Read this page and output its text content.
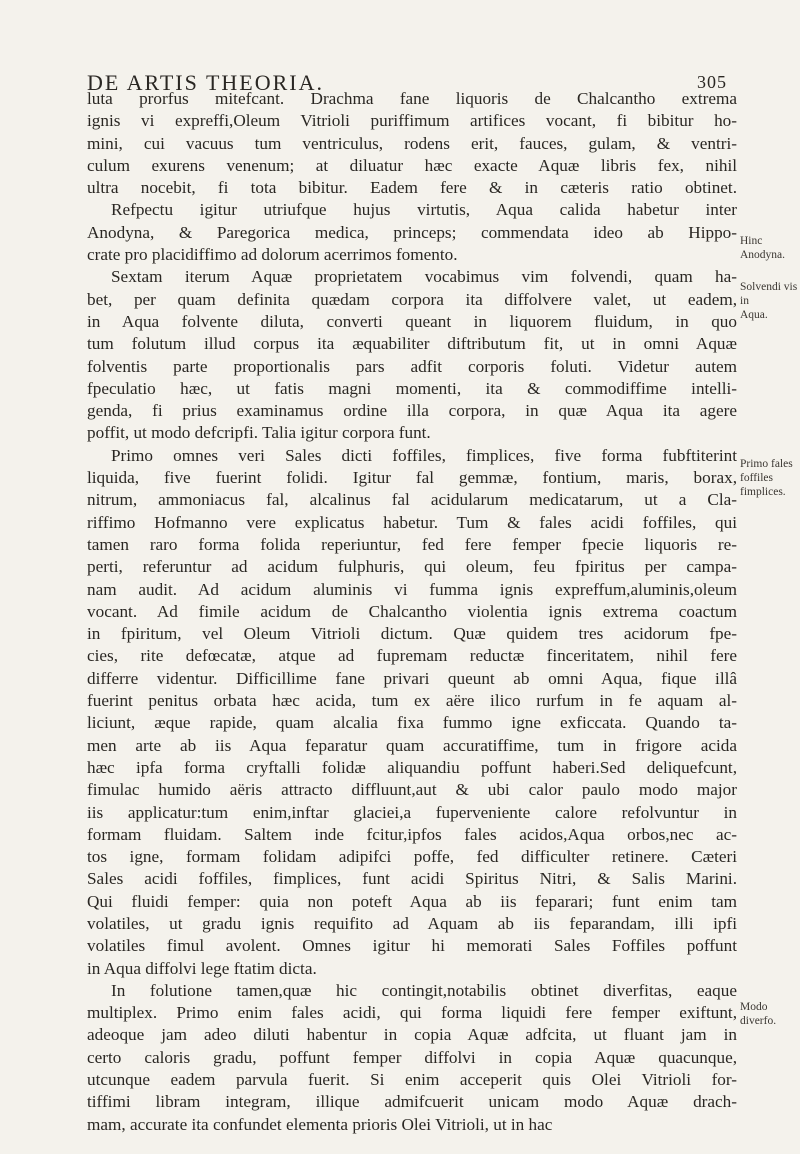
DE ARTIS THEORIA.	305
luta prorfus mitefcant. Drachma fane liquoris de Chalcantho extrema
ignis vi expreffi,Oleum Vitrioli puriffimum artifices vocant, fi bibitur ho-
mini, cui vacuus tum ventriculus, rodens erit, fauces, gulam, & ventri-
culum exurens venenum; at diluatur hæc exacte Aquæ libris fex, nihil
ultra nocebit, fi tota bibitur. Eadem fere & in cæteris ratio obtinet.
Refpectu igitur utriufque hujus virtutis, Aqua calida habetur inter
Anodyna, & Paregorica medica, princeps; commendata ideo ab Hippo-
crate pro placidiffimo ad dolorum acerrimos fomento.
Sextam iterum Aquæ proprietatem vocabimus vim folvendi, quam ha-
bet, per quam definita quædam corpora ita diffolvere valet, ut eadem,
in Aqua folvente diluta, converti queant in liquorem fluidum, in quo
tum folutum illud corpus ita æquabiliter diftributum fit, ut in omni Aquæ
folventis parte proportionalis pars adfit corporis foluti. Videtur autem
fpeculatio hæc, ut fatis magni momenti, ita & commodiffime intelli-
genda, fi prius examinamus ordine illa corpora, in quæ Aqua ita agere
poffit, ut modo defcripfi. Talia igitur corpora funt.
Primo omnes veri Sales dicti foffiles, fimplices, five forma fubftiterint
liquida, five fuerint folidi. Igitur fal gemmæ, fontium, maris, borax,
nitrum, ammoniacus fal, alcalinus fal acidularum medicatarum, ut a Cla-
riffimo Hofmanno vere explicatus habetur. Tum & fales acidi foffiles, qui
tamen raro forma folida reperiuntur, fed fere femper fpecie liquoris re-
perti, referuntur ad acidum fulphuris, qui oleum, feu fpiritus per campa-
nam audit. Ad acidum aluminis vi fumma ignis expreffum,aluminis,oleum
vocant. Ad fimile acidum de Chalcantho violentia ignis extrema coactum
in fpiritum, vel Oleum Vitrioli dictum. Quæ quidem tres acidorum fpe-
cies, rite defœcatæ, atque ad fupremam reductæ finceritatem, nihil fere
differre videntur. Difficillime fane privari queunt ab omni Aqua, fique illâ
fuerint penitus orbata hæc acida, tum ex aëre ilico rurfum in fe aquam al-
liciunt, æque rapide, quam alcalia fixa fummo igne exficcata. Quando ta-
men arte ab iis Aqua feparatur quam accuratiffime, tum in frigore acida
hæc ipfa forma cryftalli folidæ aliquandiu poffunt haberi.Sed deliquefcunt,
fimulac humido aëris attracto diffluunt,aut & ubi calor paulo modo major
iis applicatur:tum enim,inftar glaciei,a fuperveniente calore refolvuntur in
formam fluidam. Saltem inde fcitur,ipfos fales acidos,Aqua orbos,nec ac-
tos igne, formam folidam adipifci poffe, fed difficulter retinere. Cæteri
Sales acidi foffiles, fimplices, funt acidi Spiritus Nitri, & Salis Marini.
Qui fluidi femper: quia non poteft Aqua ab iis feparari; funt enim tam
volatiles, ut gradu ignis requifito ad Aquam ab iis feparandam, illi ipfi
volatiles fimul avolent. Omnes igitur hi memorati Sales Foffiles poffunt
in Aqua diffolvi lege ftatim dicta.
In folutione tamen,quæ hic contingit,notabilis obtinet diverfitas, eaque
multiplex. Primo enim fales acidi, qui forma liquidi fere femper exiftunt,
adeoque jam adeo diluti habentur in copia Aquæ adfcita, ut fluant jam in
certo caloris gradu, poffunt femper diffolvi in copia Aquæ quacunque,
utcunque eadem parvula fuerit. Si enim acceperit quis Olei Vitrioli for-
tiffimi libram integram, illique admifcuerit unicam modo Aquæ drach-
mam, accurate ita confundet elementa prioris Olei Vitrioli, ut in hac
Hinc Anodyna.
Solvendi vis in
Aqua.
Primo fales
foffiles fimplices.
Modo diverfo.
